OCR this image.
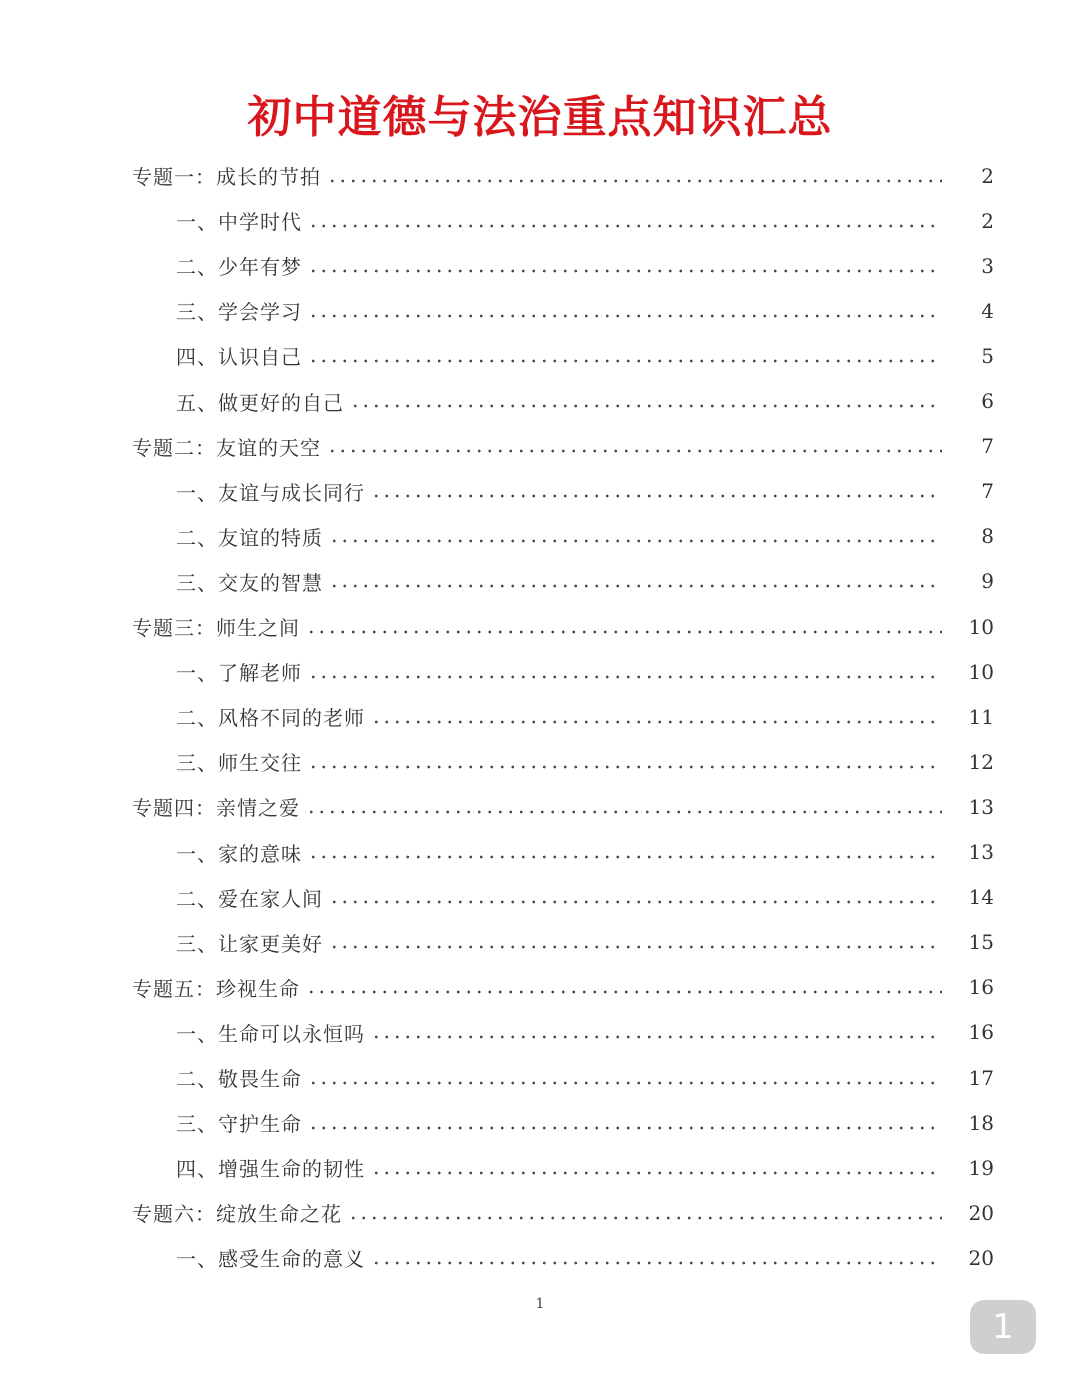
初中道德与法治重点知识汇总
专题一：成长的节拍	2
一、中学时代	2
二、少年有梦	3
三、学会学习	4
四、认识自己	5
五、做更好的自己	6
专题二：友谊的天空	7
一、友谊与成长同行	7
二、友谊的特质	8
三、交友的智慧	9
专题三：师生之间	10
一、了解老师	10
二、风格不同的老师	11
三、师生交往	12
专题四：亲情之爱	13
一、家的意味	13
二、爱在家人间	14
三、让家更美好	15
专题五：珍视生命	16
一、生命可以永恒吗	16
二、敬畏生命	17
三、守护生命	18
四、增强生命的韧性	19
专题六：绽放生命之花	20
一、感受生命的意义	20
1
1
